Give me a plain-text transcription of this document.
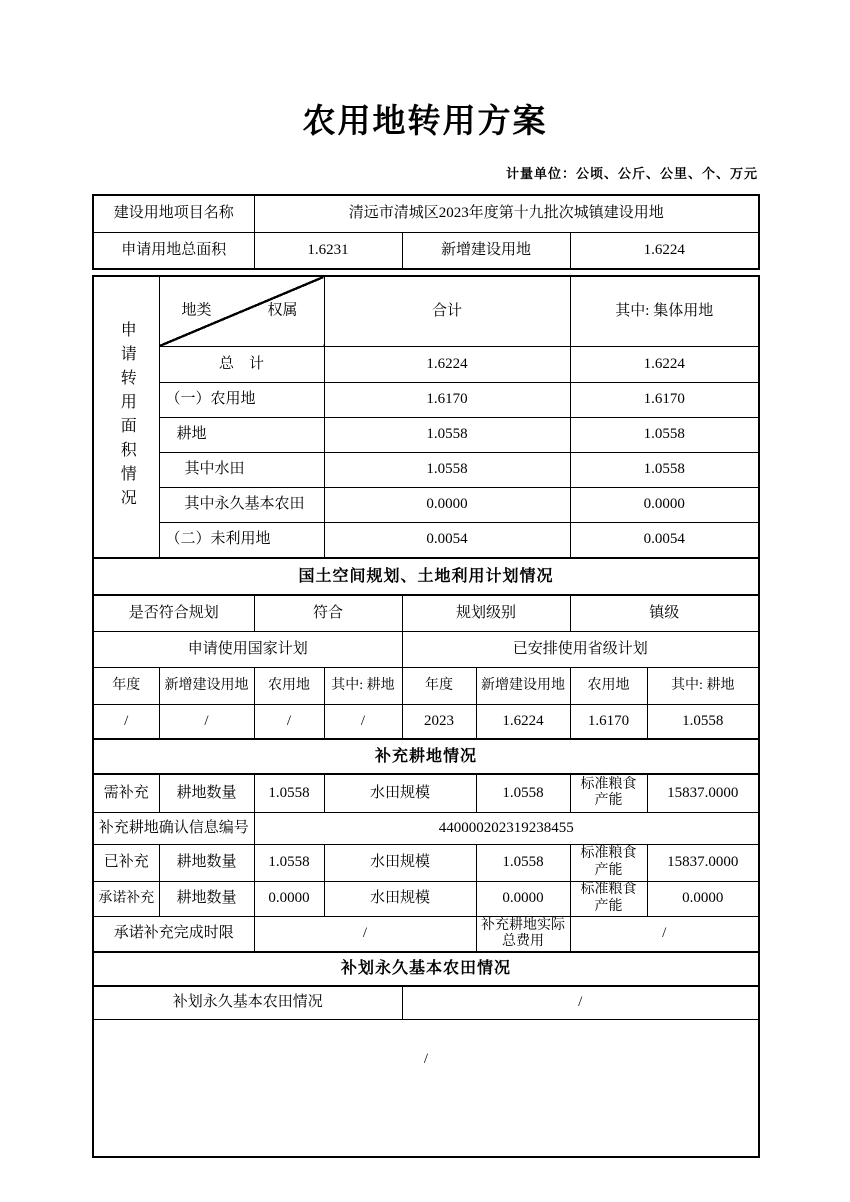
农用地转用方案
计量单位：公顷、公斤、公里、个、万元
建设用地项目名称	清远市清城区2023年度第十九批次城镇建设用地		
申请用地总面积	1.6231	新增建设用地	1.6224
申请转用面积情况	地类 权属		合计			其中: 集体用地	
	总　计		1.6224			1.6224	
	（一）农用地		1.6170			1.6170	
	耕地		1.0558			1.0558	
	其中水田		1.0558			1.0558	
	其中永久基本农田		0.0000			0.0000	
	（二）未利用地		0.0054			0.0054	
国土空间规划、土地利用计划情况							
是否符合规划		符合		规划级别		镇级	
申请使用国家计划				已安排使用省级计划			
年度	新增建设用地	农用地	其中: 耕地	年度	新增建设用地	农用地	其中: 耕地
/	/	/	/	2023	1.6224	1.6170	1.0558
补充耕地情况							
需补充	耕地数量	1.0558	水田规模		1.0558	标准粮食
产能	15837.0000
补充耕地确认信息编号		440000202319238455					
已补充	耕地数量	1.0558	水田规模		1.0558	标准粮食
产能	15837.0000
承诺补充	耕地数量	0.0000	水田规模		0.0000	标准粮食
产能	0.0000
承诺补充完成时限		/			补充耕地实际
总费用	/	
补划永久基本农田情况							
补划永久基本农田情况				/			
/							
